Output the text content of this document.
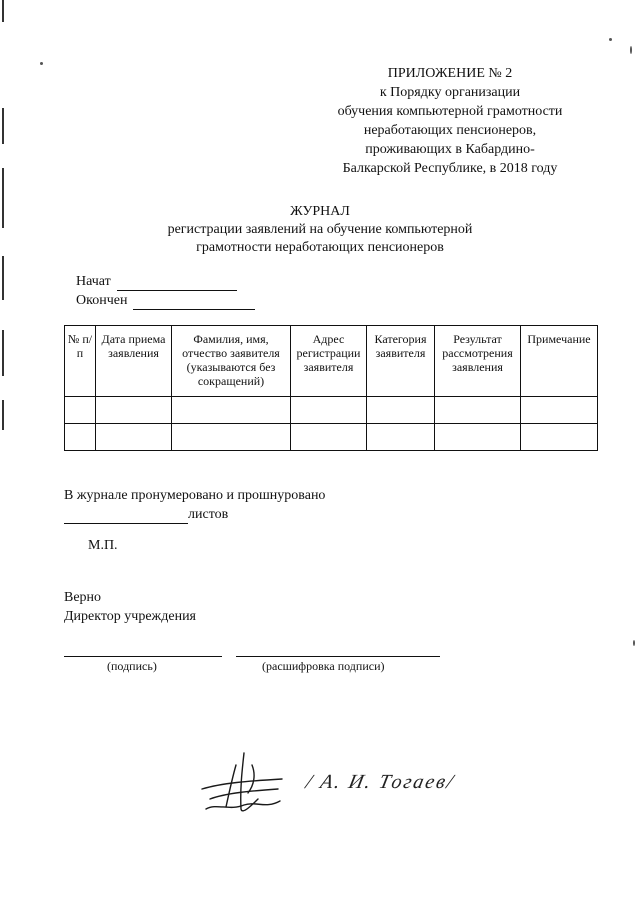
ПРИЛОЖЕНИЕ № 2
к Порядку организации
обучения компьютерной грамотности
неработающих пенсионеров,
проживающих в Кабардино-
Балкарской Республике, в 2018 году
ЖУРНАЛ
регистрации заявлений на обучение компьютерной
грамотности неработающих пенсионеров
Начат
Окончен
№ п/п	Дата приема заявления	Фамилия, имя, отчество заявителя (указываются без сокращений)	Адрес регистрации заявителя	Категория заявителя	Результат рассмотрения заявления	Примечание

В журнале пронумеровано и прошнуровано
листов
М.П.
Верно
Директор учреждения
(подпись)	(расшифровка подписи)
/ А. И. Тогаев/
